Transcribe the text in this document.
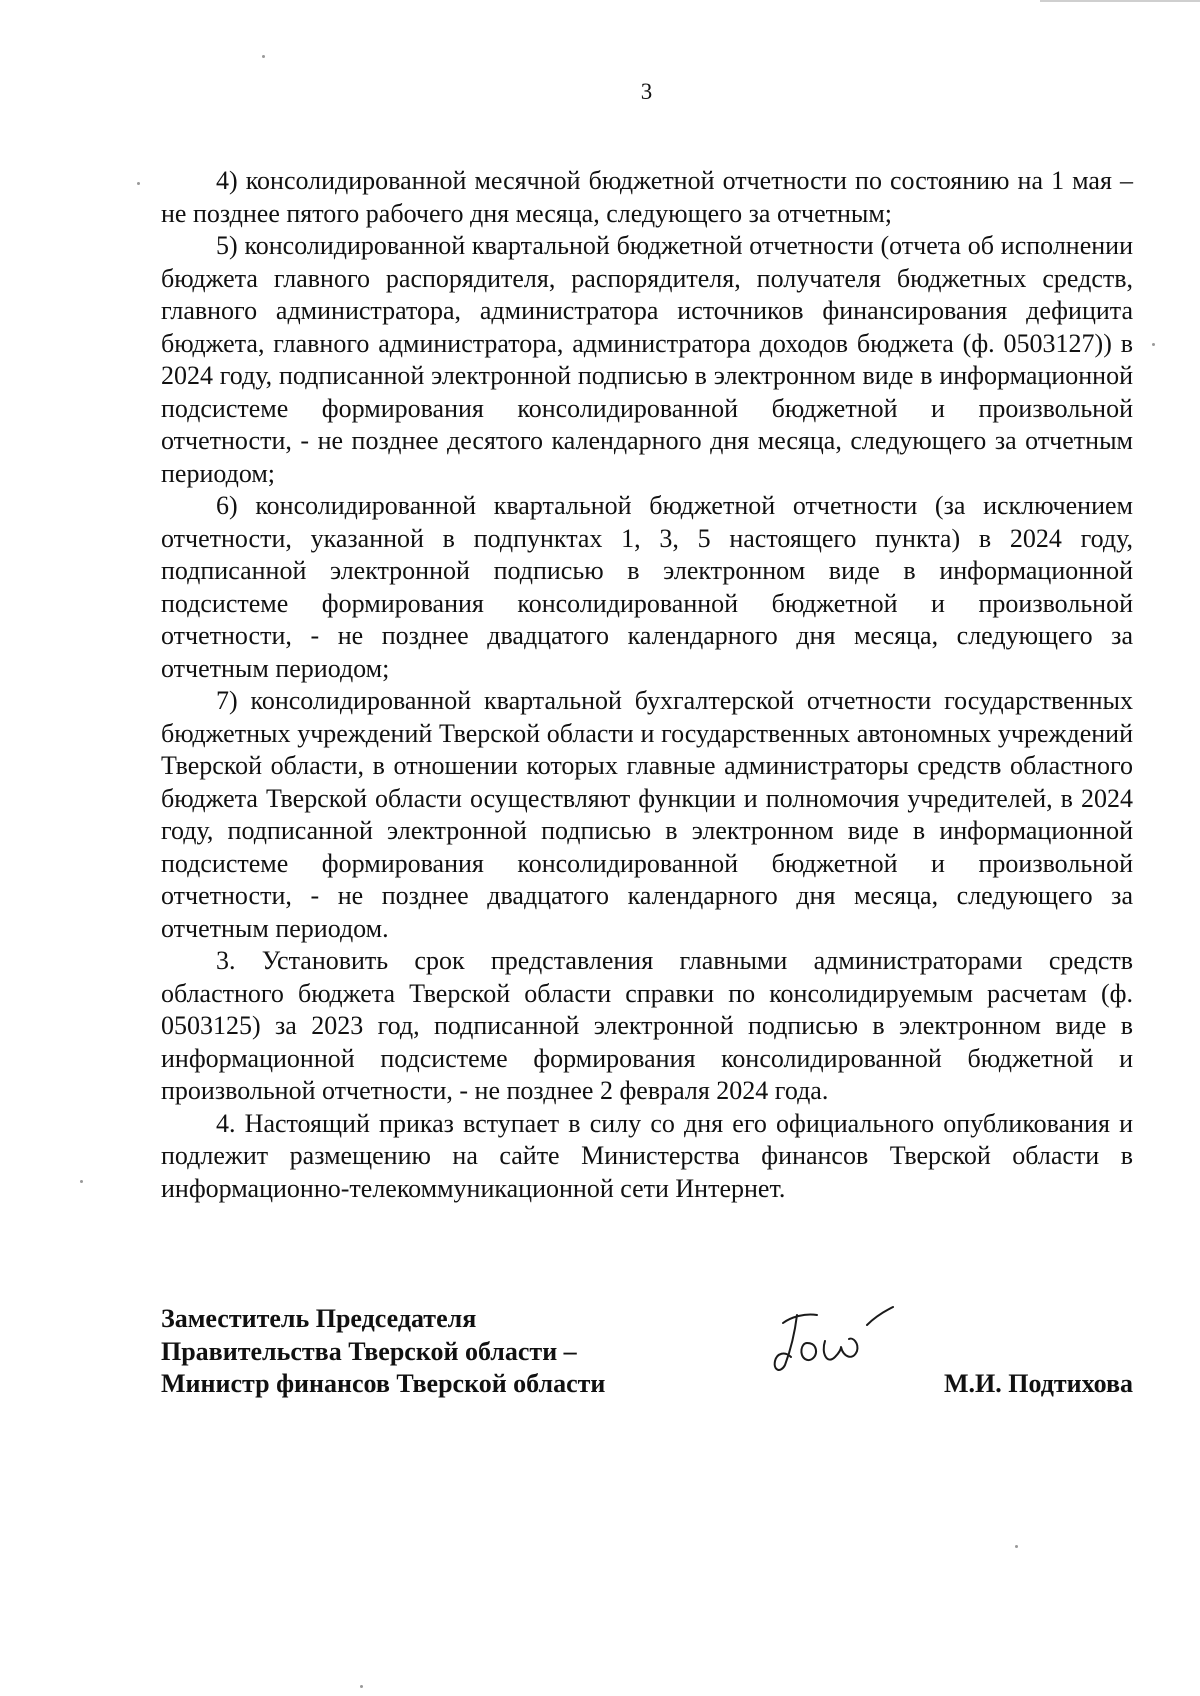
3

4) консолидированной месячной бюджетной отчетности по состоянию на 1 мая – не позднее пятого рабочего дня месяца, следующего за отчетным;

5) консолидированной квартальной бюджетной отчетности (отчета об исполнении бюджета главного распорядителя, распорядителя, получателя бюджетных средств, главного администратора, администратора источников финансирования дефицита бюджета, главного администратора, администратора доходов бюджета (ф. 0503127)) в 2024 году, подписанной электронной подписью в электронном виде в информационной подсистеме формирования консолидированной бюджетной и произвольной отчетности, - не позднее десятого календарного дня месяца, следующего за отчетным периодом;

6) консолидированной квартальной бюджетной отчетности (за исключением отчетности, указанной в подпунктах 1, 3, 5 настоящего пункта) в 2024 году, подписанной электронной подписью в электронном виде в информационной подсистеме формирования консолидированной бюджетной и произвольной отчетности, - не позднее двадцатого календарного дня месяца, следующего за отчетным периодом;

7) консолидированной квартальной бухгалтерской отчетности государственных бюджетных учреждений Тверской области и государственных автономных учреждений Тверской области, в отношении которых главные администраторы средств областного бюджета Тверской области осуществляют функции и полномочия учредителей, в 2024 году, подписанной электронной подписью в электронном виде в информационной подсистеме формирования консолидированной бюджетной и произвольной отчетности, - не позднее двадцатого календарного дня месяца, следующего за отчетным периодом.

3. Установить срок представления главными администраторами средств областного бюджета Тверской области справки по консолидируемым расчетам (ф. 0503125) за 2023 год, подписанной электронной подписью в электронном виде в информационной подсистеме формирования консолидированной бюджетной и произвольной отчетности, - не позднее 2 февраля 2024 года.

4. Настоящий приказ вступает в силу со дня его официального опубликования и подлежит размещению на сайте Министерства финансов Тверской области в информационно-телекоммуникационной сети Интернет.

Заместитель Председателя
Правительства Тверской области –
Министр финансов Тверской области	М.И. Подтихова
